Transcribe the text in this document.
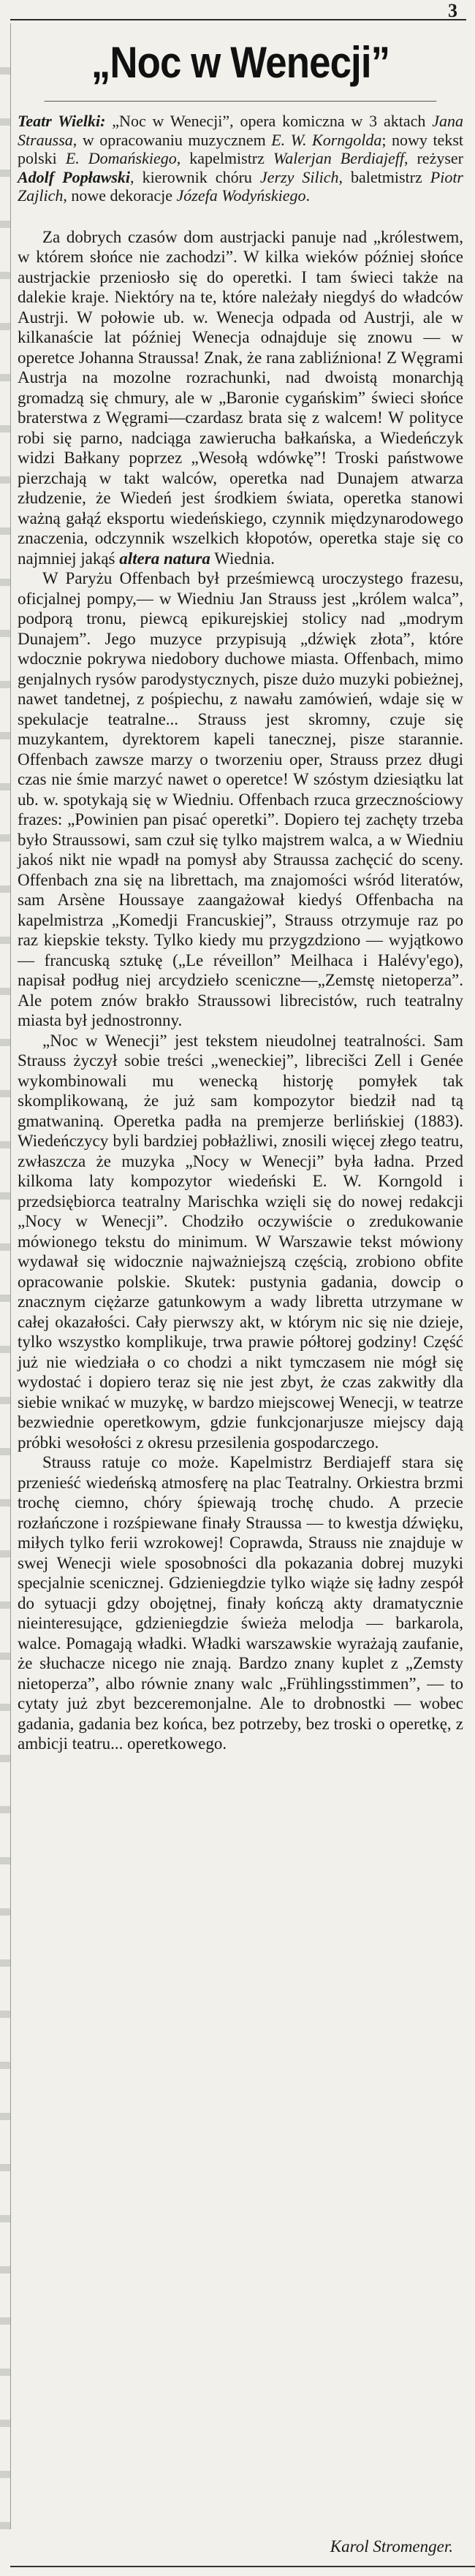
3
„Noc w Wenecji”

Teatr Wielki: „Noc w Wenecji”, opera komiczna w 3 aktach Jana Straussa, w opracowaniu muzycznem E. W. Korngolda; nowy tekst polski E. Domańskiego, kapelmistrz Walerjan Berdiajeff, reżyser Adolf Popławski, kierownik chóru Jerzy Silich, baletmistrz Piotr Zajlich, nowe dekoracje Józefa Wodyńskiego.

Za dobrych czasów dom austrjacki panuje nad „królestwem, w którem słońce nie zachodzi”. W kilka wieków później słońce austrjackie przeniosło się do operetki. I tam świeci także na dalekie kraje. Niektóry na te, które należały niegdyś do władców Austrji. W połowie ub. w. Wenecja odpada od Austrji, ale w kilkanaście lat później Wenecja odnajduje się znowu — w operetce Johanna Straussa! Znak, że rana zabliźniona! Z Węgrami Austrja na mozolne rozrachunki, nad dwoistą monarchją gromadzą się chmury, ale w „Baronie cygańskim” świeci słońce braterstwa z Węgrami—czardasz brata się z walcem! W polityce robi się parno, nadciąga zawierucha bałkańska, a Wiedeńczyk widzi Bałkany poprzez „Wesołą wdówkę”! Troski państwowe pierzchają w takt walców, operetka nad Dunajem atwarza złudzenie, że Wiedeń jest środkiem świata, operetka stanowi ważną gałąź eksportu wiedeńskiego, czynnik międzynarodowego znaczenia, odczynnik wszelkich kłopotów, operetka staje się co najmniej jakąś altera natura Wiednia.

W Paryżu Offenbach był prześmiewcą uroczystego frazesu, oficjalnej pompy,— w Wiedniu Jan Strauss jest „królem walca”, podporą tronu, piewcą epikurejskiej stolicy nad „modrym Dunajem”. Jego muzyce przypisują „dźwięk złota”, które wdocznie pokrywa niedobory duchowe miasta. Offenbach, mimo genjalnych rysów parodystycznych, pisze dużo muzyki pobieżnej, nawet tandetnej, z pośpiechu, z nawału zamówień, wdaje się w spekulacje teatralne... Strauss jest skromny, czuje się muzykantem, dyrektorem kapeli tanecznej, pisze starannie. Offenbach zawsze marzy o tworzeniu oper, Strauss przez długi czas nie śmie marzyć nawet o operetce! W szóstym dziesiątku lat ub. w. spotykają się w Wiedniu. Offenbach rzuca grzecznościowy frazes: „Powinien pan pisać operetki”. Dopiero tej zachęty trzeba było Straussowi, sam czuł się tylko majstrem walca, a w Wiedniu jakoś nikt nie wpadł na pomysł aby Straussa zachęcić do sceny. Offenbach zna się na librettach, ma znajomości wśród literatów, sam Arsène Houssaye zaangażował kiedyś Offenbacha na kapelmistrza „Komedji Francuskiej”, Strauss otrzymuje raz po raz kiepskie teksty. Tylko kiedy mu przygzdziono — wyjątkowo — francuską sztukę („Le réveillon” Meilhaca i Halévy'ego), napisał podług niej arcydzieło sceniczne—„Zemstę nietoperza”. Ale potem znów brakło Straussowi librecistów, ruch teatralny miasta był jednostronny.

„Noc w Wenecji” jest tekstem nieudolnej teatralności. Sam Strauss życzył sobie treści „weneckiej”, librecišci Zell i Genée wykombinowali mu wenecką historję pomyłek tak skomplikowaną, że już sam kompozytor biedził nad tą gmatwaniną. Operetka padła na premjerze berlińskiej (1883). Wiedeńczycy byli bardziej pobłażliwi, znosili więcej złego teatru, zwłaszcza że muzyka „Nocy w Wenecji” była ładna. Przed kilkoma laty kompozytor wiedeński E. W. Korngold i przedsiębiorca teatralny Marischka wzięli się do nowej redakcji „Nocy w Wenecji”. Chodziło oczywiście o zredukowanie mówionego tekstu do minimum. W Warszawie tekst mówiony wydawał się widocznie najważniejszą częścią, zrobiono obfite opracowanie polskie. Skutek: pustynia gadania, dowcip o znacznym ciężarze gatunkowym a wady libretta utrzymane w całej okazałości. Cały pierwszy akt, w którym nic się nie dzieje, tylko wszystko komplikuje, trwa prawie półtorej godziny! Część już nie wiedziała o co chodzi a nikt tymczasem nie mógł się wydostać i dopiero teraz się nie jest zbyt, że czas zakwitły dla siebie wnikać w muzykę, w bardzo miejscowej Wenecji, w teatrze bezwiednie operetkowym, gdzie funkcjonarjusze miejscy dają próbki wesołości z okresu przesilenia gospodarczego.

Strauss ratuje co może. Kapelmistrz Berdiajeff stara się przenieść wiedeńską atmosferę na plac Teatralny. Orkiestra brzmi trochę ciemno, chóry śpiewają trochę chudo. A przecie rozłańczone i rozśpiewane finały Straussa — to kwestja dźwięku, miłych tylko ferii wzrokowej! Coprawda, Strauss nie znajduje w swej Wenecji wiele sposobności dla pokazania dobrej muzyki specjalnie scenicznej. Gdzieniegdzie tylko wiąże się ładny zespół do sytuacji gdzy obojętnej, finały kończą akty dramatycznie nieinteresujące, gdzieniegdzie świeża melodja — barkarola, walce. Pomagają władki. Władki warszawskie wyrażają zaufanie, że słuchacze nicego nie znają. Bardzo znany kuplet z „Zemsty nietoperza”, albo równie znany walc „Frühlingsstimmen”, — to cytaty już zbyt bezceremonjalne. Ale to drobnostki — wobec gadania, gadania bez końca, bez potrzeby, bez troski o operetkę, z ambicji teatru... operetkowego.

Karol Stromenger.
